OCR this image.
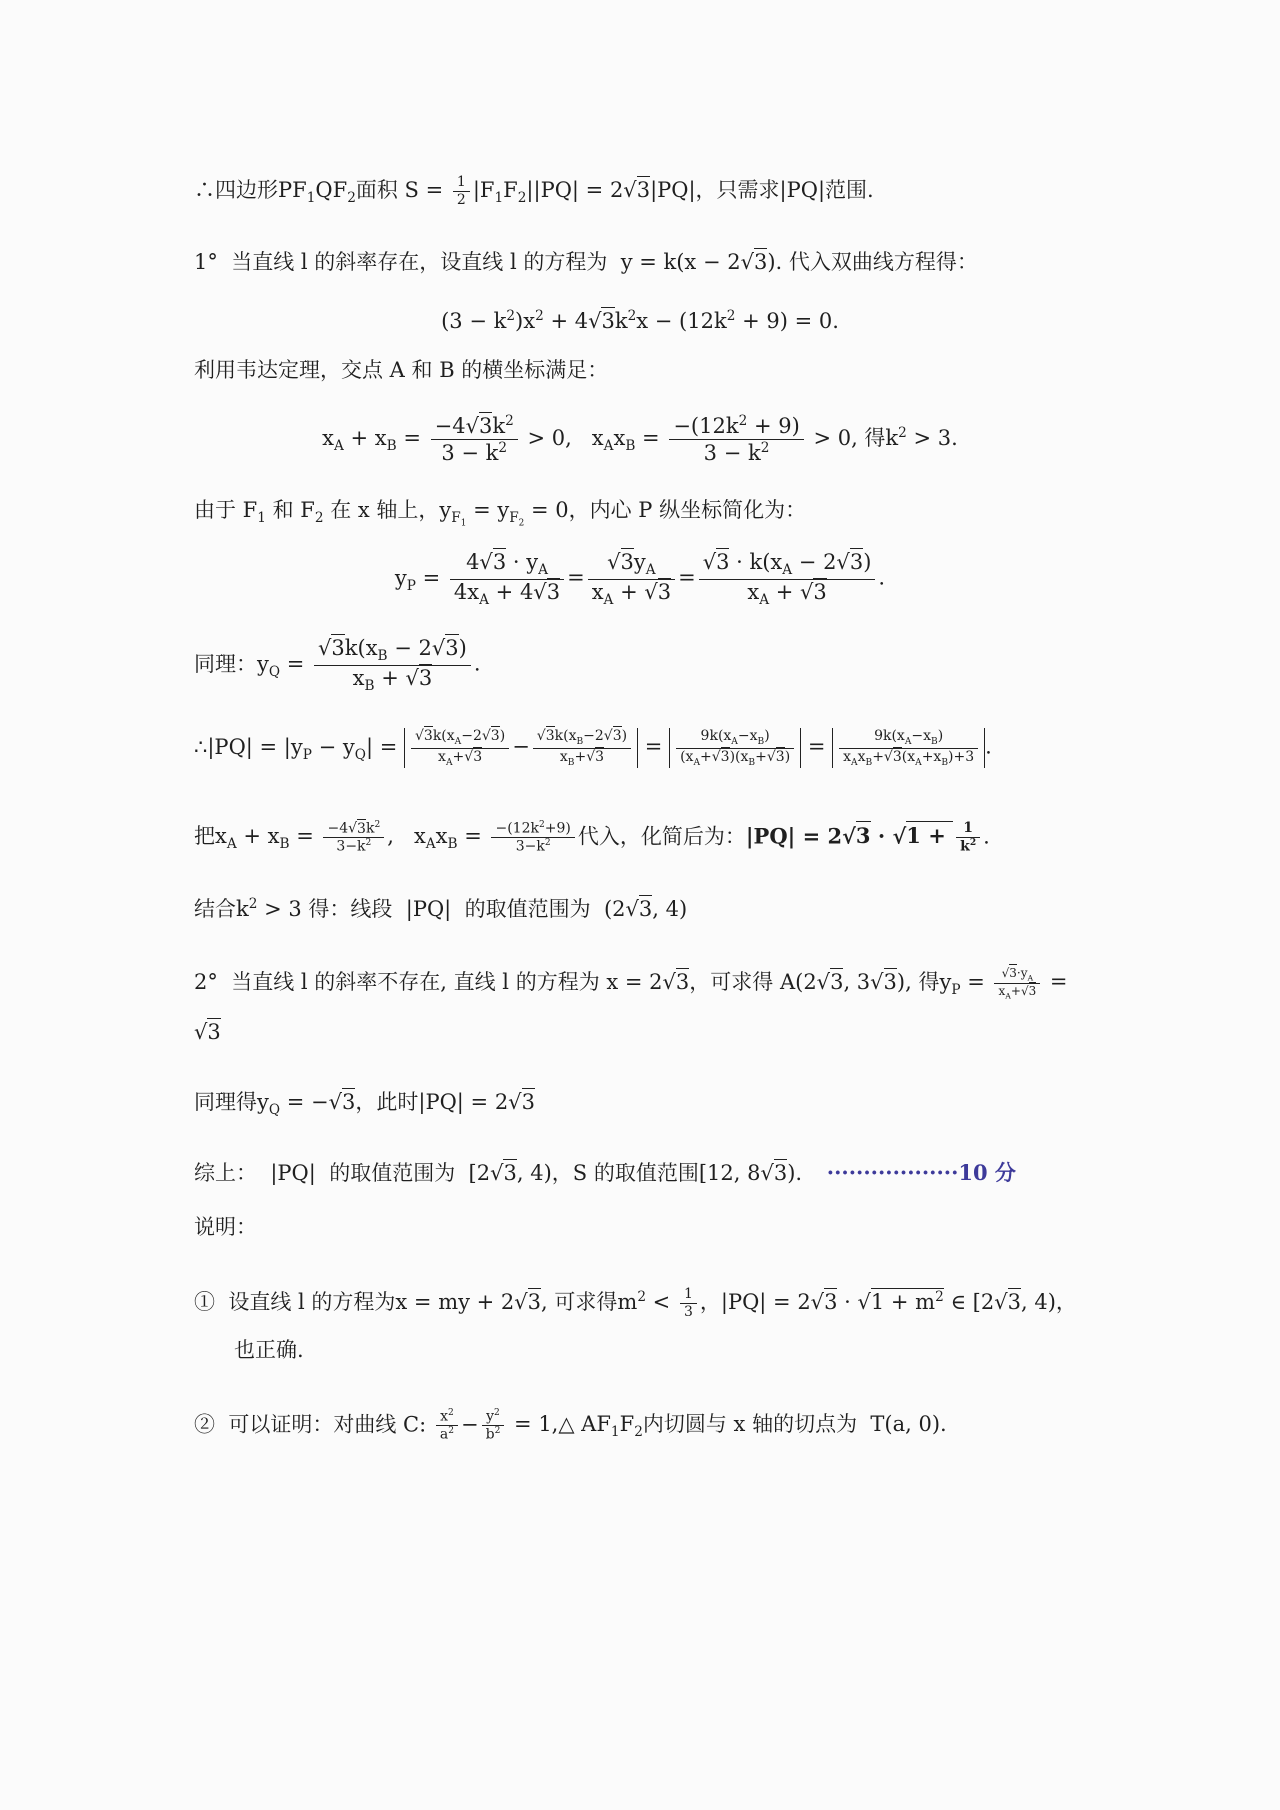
∴四边形$PF_1QF_2$面积 $S = \frac{1}{2} |F_1F_2||PQ| = 2√3|PQ|$，只需求|PQ|范围.
1°  当直线 l 的斜率存在，设直线 l 的方程为  y = k(x − 2√3). 代入双曲线方程得：
$(3 - k^2)x^2 + 4√3k^2x - (12k^2 + 9) = 0$.
利用韦达定理，交点 A 和 B 的横坐标满足：
$x_A + x_B = \frac{-4√3k^2}{3 - k^2} > 0$,   $x_Ax_B = \frac{-(12k^2 + 9)}{3 - k^2} > 0$, 得$k^2 > 3$.
由于 $F_1$ 和 $F_2$ 在 x 轴上，$y_{F_1} = y_{F_2} = 0$，内心 P 纵坐标简化为：
$y_P = \frac{4√3 \cdot y_A}{4x_A + 4√3} = \frac{√3y_A}{x_A + √3} = \frac{√3 \cdot k(x_A - 2√3)}{x_A + √3}$ .
同理：$y_Q = \frac{√3k(x_B - 2√3)}{x_B + √3}$ .
∴|PQ| = $|y_P - y_Q| = \frac{√3k(x_A-2√3)}{x_A+√3} - \frac{√3k(x_B-2√3)}{x_B+√3} = \frac{9k(x_A-x_B)}{(x_A+√3)(x_B+√3)} = \frac{9k(x_A-x_B)}{x_Ax_B+√3(x_A+x_B)+3}$ .
把$x_A + x_B = \frac{-4√3k^2}{3-k^2}$ ,   $x_Ax_B = \frac{-(12k^2+9)}{3-k^2}$ 代入，化简后为：$|PQ| = 2√3 \cdot √1 + \frac{1}{k^2}$ .
结合$k^2 > 3$ 得：线段  |PQ|  的取值范围为  (2√3, 4)
2°  当直线 l 的斜率不存在, 直线 l 的方程为 x = 2√3，可求得 A(2√3, 3√3), 得$y_P = \frac{√3\cdot y_A}{x_A+√3}$ =
√3
同理得$y_Q = -√3$，此时|PQ| = 2√3
综上：  |PQ|  的取值范围为  [2√3, 4)，S 的取值范围[12, 8√3). ··················10 分
说明：
①  设直线 l 的方程为x = my + 2√3, 可求得$m^2 < \frac{1}{3}$ ，$|PQ| = 2√3 \cdot √1 + m^2$ ∈ [2√3, 4)，
也正确.
②  可以证明：对曲线 C: $\frac{x^2}{a^2} - \frac{y^2}{b^2}$ = 1,△ $AF_1F_2$内切圆与 x 轴的切点为  T(a, 0).
